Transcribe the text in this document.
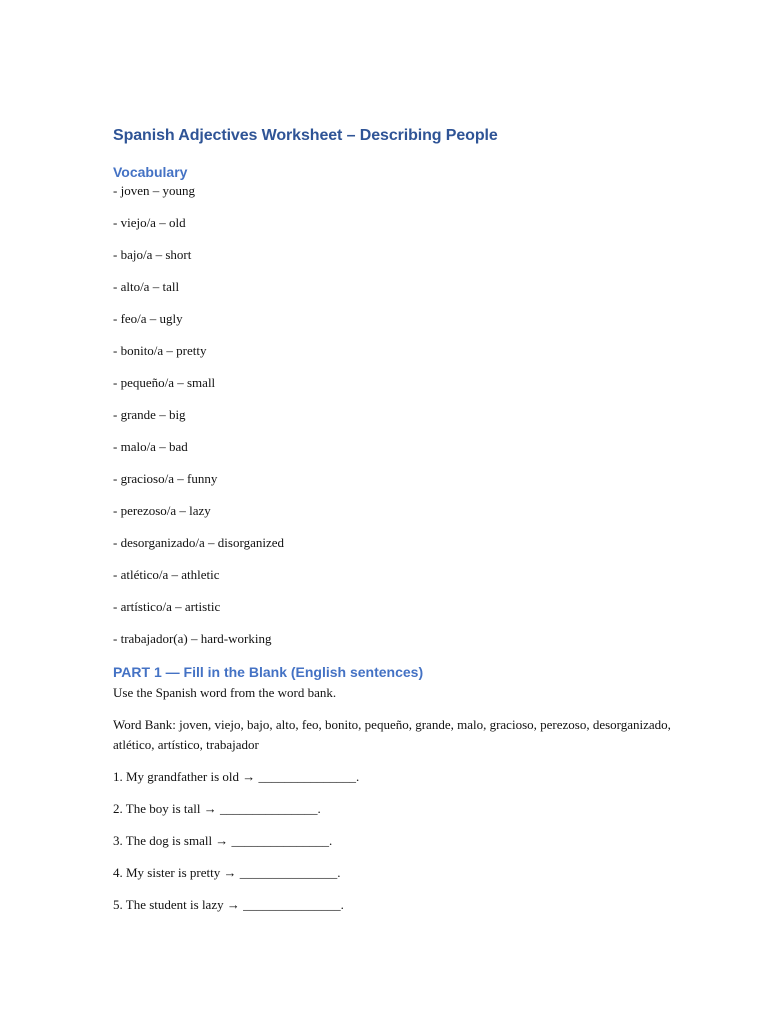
Spanish Adjectives Worksheet – Describing People
Vocabulary
- joven – young
- viejo/a – old
- bajo/a – short
- alto/a – tall
- feo/a – ugly
- bonito/a – pretty
- pequeño/a – small
- grande – big
- malo/a – bad
- gracioso/a – funny
- perezoso/a – lazy
- desorganizado/a – disorganized
- atlético/a – athletic
- artístico/a – artistic
- trabajador(a) – hard-working
PART 1 — Fill in the Blank (English sentences)

Use the Spanish word from the word bank.

Word Bank: joven, viejo, bajo, alto, feo, bonito, pequeño, grande, malo, gracioso, perezoso, desorganizado, atlético, artístico, trabajador

1. My grandfather is old → _______________.
2. The boy is tall → _______________.
3. The dog is small → _______________.
4. My sister is pretty → _______________.
5. The student is lazy → _______________.
